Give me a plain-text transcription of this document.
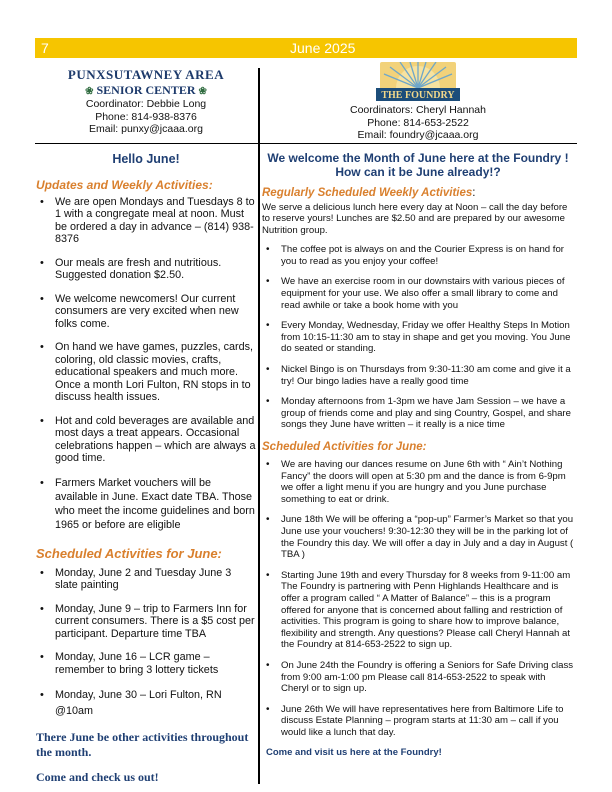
7	June 2025
PUNXSUTAWNEY AREA
❀ SENIOR CENTER ❀
Coordinator: Debbie Long
Phone: 814-938-8376
Email: punxy@jcaaa.org
Hello June!
Updates and Weekly Activities:
• We are open Mondays and Tuesdays 8 to 1 with a congregate meal at noon. Must be ordered a day in advance – (814) 938-8376
• Our meals are fresh and nutritious. Suggested donation $2.50.
• We welcome newcomers! Our current consumers are very excited when new folks come.
• On hand we have games, puzzles, cards, coloring, old classic movies, crafts, educational speakers and much more. Once a month Lori Fulton, RN stops in to discuss health issues.
• Hot and cold beverages are available and most days a treat appears. Occasional celebrations happen – which are always a good time.
• Farmers Market vouchers will be available in June. Exact date TBA. Those who meet the income guidelines and born 1965 or before are eligible
Scheduled Activities for June:
• Monday, June 2 and Tuesday June 3 slate painting
• Monday, June 9 – trip to Farmers Inn for current consumers. There is a $5 cost per participant. Departure time TBA
• Monday, June 16 – LCR game – remember to bring 3 lottery tickets
• Monday, June 30 – Lori Fulton, RN @10am
There June be other activities throughout the month.
Come and check us out!
THE FOUNDRY
Coordinators: Cheryl Hannah
Phone: 814-653-2522
Email: foundry@jcaaa.org
We welcome the Month of June here at the Foundry ! How can it be June already!?
Regularly Scheduled Weekly Activities:
We serve a delicious lunch here every day at Noon – call the day before to reserve yours! Lunches are $2.50 and are prepared by our awesome Nutrition group.
• The coffee pot is always on and the Courier Express is on hand for you to read as you enjoy your coffee!
• We have an exercise room in our downstairs with various pieces of equipment for your use. We also offer a small library to come and read awhile or take a book home with you
• Every Monday, Wednesday, Friday we offer Healthy Steps In Motion from 10:15-11:30 am to stay in shape and get you moving. You June do seated or standing.
• Nickel Bingo is on Thursdays from 9:30-11:30 am come and give it a try! Our bingo ladies have a really good time
• Monday afternoons from 1-3pm we have Jam Session – we have a group of friends come and play and sing Country, Gospel, and share songs they June have written – it really is a nice time
Scheduled Activities for June:
• We are having our dances resume on June 6th with “ Ain’t Nothing Fancy” the doors will open at 5:30 pm and the dance is from 6-9pm we offer a light menu if you are hungry and you June purchase something to eat or drink.
• June 18th We will be offering a “pop-up” Farmer’s Market so that you June use your vouchers! 9:30-12:30 they will be in the parking lot of the Foundry this day. We will offer a day in July and a day in August ( TBA )
• Starting June 19th and every Thursday for 8 weeks from 9-11:00 am The Foundry is partnering with Penn Highlands Healthcare and is offer a program called “ A Matter of Balance” – this is a program offered for anyone that is concerned about falling and restriction of activities. This program is going to share how to improve balance, flexibility and strength. Any questions? Please call Cheryl Hannah at the Foundry at 814-653-2522 to sign up.
• On June 24th the Foundry is offering a Seniors for Safe Driving class from 9:00 am-1:00 pm Please call 814-653-2522 to speak with Cheryl or to sign up.
• June 26th We will have representatives here from Baltimore Life to discuss Estate Planning – program starts at 11:30 am – call if you would like a lunch that day.
Come and visit us here at the Foundry!
